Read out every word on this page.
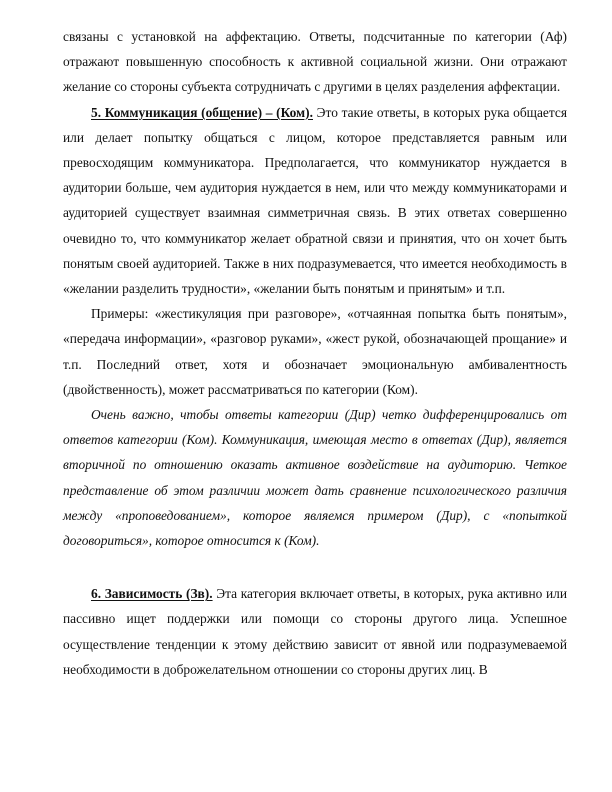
связаны с установкой на аффектацию. Ответы, подсчитанные по категории (Аф) отражают повышенную способность к активной социальной жизни. Они отражают желание со стороны субъекта сотрудничать с другими в целях разделения аффектации.

5. Коммуникация (общение) – (Ком). Это такие ответы, в которых рука общается или делает попытку общаться с лицом, которое представляется равным или превосходящим коммуникатора. Предполагается, что коммуникатор нуждается в аудитории больше, чем аудитория нуждается в нем, или что между коммуникаторами и аудиторией существует взаимная симметричная связь. В этих ответах совершенно очевидно то, что коммуникатор желает обратной связи и принятия, что он хочет быть понятым своей аудиторией. Также в них подразумевается, что имеется необходимость в «желании разделить трудности», «желании быть понятым и принятым» и т.п.

Примеры: «жестикуляция при разговоре», «отчаянная попытка быть понятым», «передача информации», «разговор руками», «жест рукой, обозначающей прощание» и т.п. Последний ответ, хотя и обозначает эмоциональную амбивалентность (двойственность), может рассматриваться по категории (Ком).

Очень важно, чтобы ответы категории (Дир) четко дифференцировались от ответов категории (Ком). Коммуникация, имеющая место в ответах (Дир), является вторичной по отношению оказать активное воздействие на аудиторию. Четкое представление об этом различии может дать сравнение психологического различия между «проповедованием», которое являемся примером (Дир), с «попыткой договориться», которое относится к (Ком).

6. Зависимость (Зв). Эта категория включает ответы, в которых, рука активно или пассивно ищет поддержки или помощи со стороны другого лица. Успешное осуществление тенденции к этому действию зависит от явной или подразумеваемой необходимости в доброжелательном отношении со стороны других лиц. В
